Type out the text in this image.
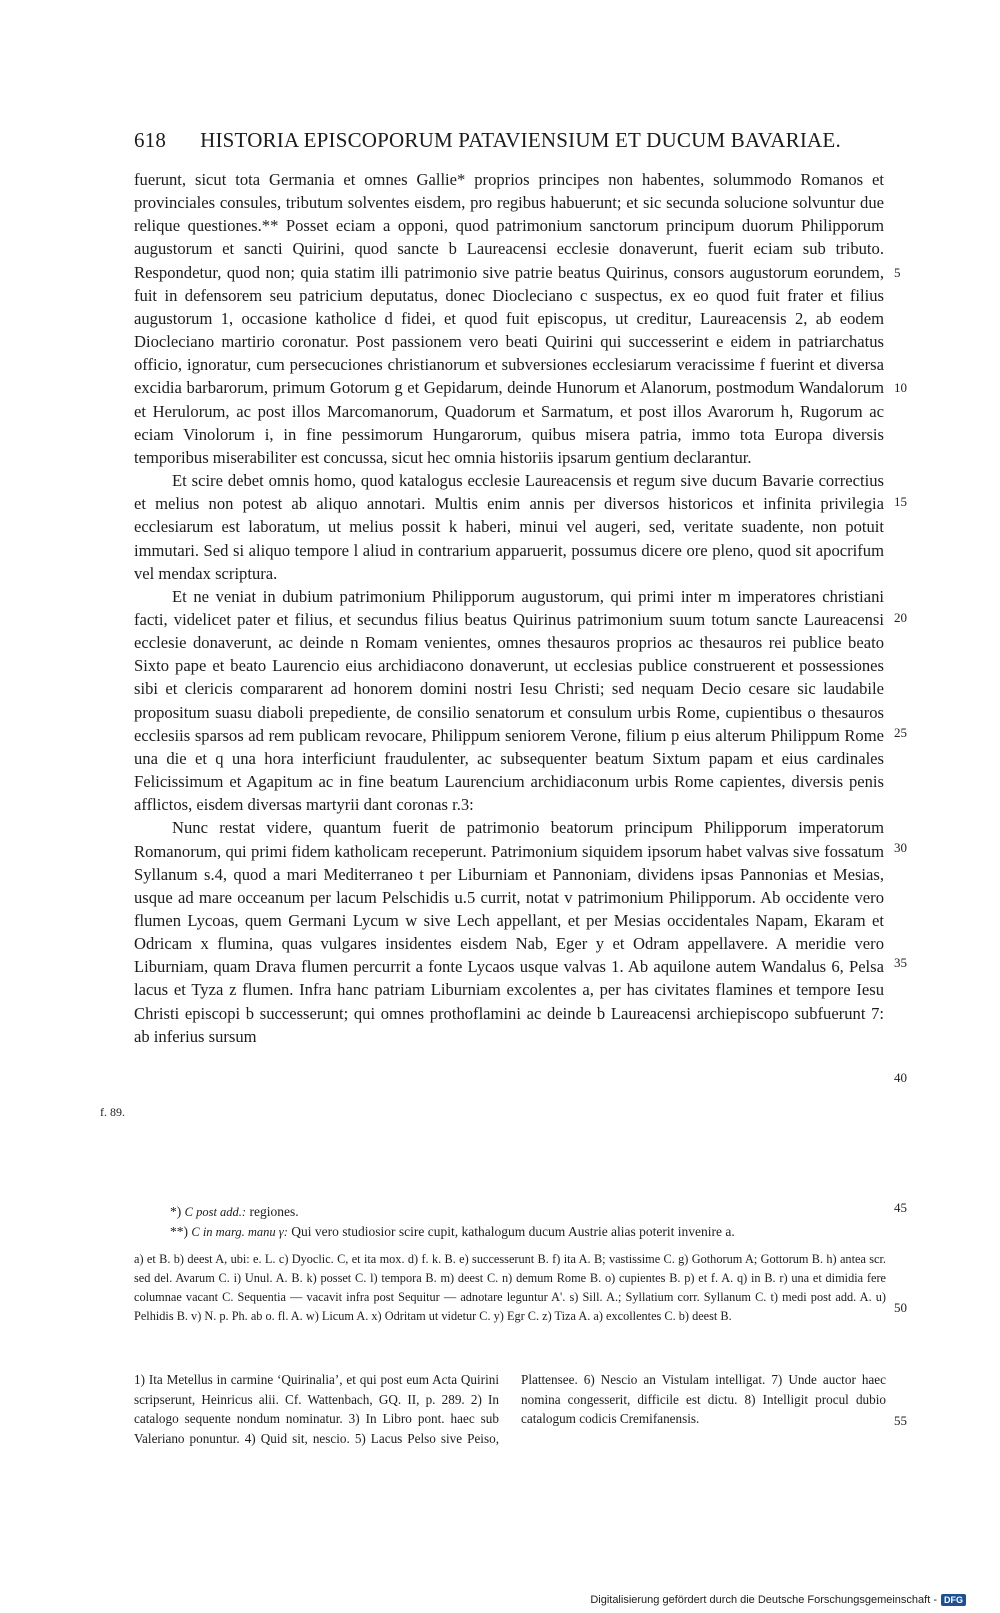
618 HISTORIA EPISCOPORUM PATAVIENSIUM ET DUCUM BAVARIAE.

fuerunt, sicut tota Germania et omnes Gallie* proprios principes non habentes, solummodo Romanos et provinciales consules, tributum solventes eisdem, pro regibus habuerunt; et sic secunda solucione solvuntur due relique questiones.** Posset eciam a opponi, quod patrimonium sanctorum principum duorum Philipporum augustorum et sancti Quirini, quod sancte b Laureacensi ecclesie donaverunt, fuerit eciam sub tributo. Respondetur, quod non; quia statim illi patrimonio sive patrie beatus Quirinus, consors augustorum eorundem, fuit in defensorem seu patricium deputatus, donec Diocleciano c suspectus, ex eo quod fuit frater et filius augustorum 1, occasione katholice d fidei, et quod fuit episcopus, ut creditur, Laureacensis 2, ab eodem Diocleciano martirio coronatur. Post passionem vero beati Quirini qui successerint e eidem in patriarchatus officio, ignoratur, cum persecuciones christianorum et subversiones ecclesiarum veracissime f fuerint et diversa excidia barbarorum, primum Gotorum g et Gepidarum, deinde Hunorum et Alanorum, postmodum Wandalorum et Herulorum, ac post illos Marcomanorum, Quadorum et Sarmatum, et post illos Avarorum h, Rugorum ac eciam Vinolorum i, in fine pessimorum Hungarorum, quibus misera patria, immo tota Europa diversis temporibus miserabiliter est concussa, sicut hec omnia historiis ipsarum gentium declarantur.

Et scire debet omnis homo, quod katalogus ecclesie Laureacensis et regum sive ducum Bavarie correctius et melius non potest ab aliquo annotari. Multis enim annis per diversos historicos et infinita privilegia ecclesiarum est laboratum, ut melius possit k haberi, minui vel augeri, sed, veritate suadente, non potuit immutari. Sed si aliquo tempore l aliud in contrarium apparuerit, possumus dicere ore pleno, quod sit apocrifum vel mendax scriptura.

Et ne veniat in dubium patrimonium Philipporum augustorum, qui primi inter m imperatores christiani facti, videlicet pater et filius, et secundus filius beatus Quirinus patrimonium suum totum sancte Laureacensi ecclesie donaverunt, ac deinde n Romam venientes, omnes thesauros proprios ac thesauros rei publice beato Sixto pape et beato Laurencio eius archidiacono donaverunt, ut ecclesias publice construerent et possessiones sibi et clericis compararent ad honorem domini nostri Iesu Christi; sed nequam Decio cesare sic laudabile propositum suasu diaboli prepediente, de consilio senatorum et consulum urbis Rome, cupientibus o thesauros ecclesiis sparsos ad rem publicam revocare, Philippum seniorem Verone, filium p eius alterum Philippum Rome una die et q una hora interficiunt fraudulenter, ac subsequenter beatum Sixtum papam et eius cardinales Felicissimum et Agapitum ac in fine beatum Laurencium archidiaconum urbis Rome capientes, diversis penis afflictos, eisdem diversas martyrii dant coronas r.3:

Nunc restat videre, quantum fuerit de patrimonio beatorum principum Philipporum imperatorum Romanorum, qui primi fidem katholicam receperunt. Patrimonium siquidem ipsorum habet valvas sive fossatum Syllanum s.4, quod a mari Mediterraneo t per Liburniam et Pannoniam, dividens ipsas Pannonias et Mesias, usque ad mare occeanum per lacum Pelschidis u.5 currit, notat v patrimonium Philipporum. Ab occidente vero flumen Lycoas, quem Germani Lycum w sive Lech appellant, et per Mesias occidentales Napam, Ekaram et Odricam x flumina, quas vulgares insidentes eisdem Nab, Eger y et Odram appellavere. A meridie vero Liburniam, quam Drava flumen percurrit a fonte Lycaos usque valvas 1. Ab aquilone autem Wandalus 6, Pelsa lacus et Tyza z flumen. Infra hanc patriam Liburniam excolentes a, per has civitates flamines et tempore Iesu Christi episcopi b successerunt; qui omnes prothoflamini ac deinde b Laureacensi archiepiscopo subfuerunt 7: ab inferius sursum

f. 89.
5
10
15
20
25
30
35
40
45
50
55
*) C post add.: regiones.
**) C in marg. manu γ: Qui vero studiosior scire cupit, kathalogum ducum Austrie alias poterit invenire a.
a) et B. b) deest A, ubi: e. L. c) Dyoclic. C, et ita mox. d) f. k. B. e) successerunt B. f) ita A. B; vastissime C. g) Gothorum A; Gottorum B. h) antea scr. sed del. Avarum C. i) Unul. A. B. k) posset C. l) tempora B. m) deest C. n) demum Rome B. o) cupientes B. p) et f. A. q) in B. r) una et dimidia fere columnae vacant C. Sequentia — vacavit infra post Sequitur — adnotare leguntur A'. s) Sill. A.; Syllatium corr. Syllanum C. t) medi post add. A. u) Pelhidis B. v) N. p. Ph. ab o. fl. A. w) Licum A. x) Odritam ut videtur C. y) Egr C. z) Tiza A. a) excollentes C. b) deest B.
1) Ita Metellus in carmine ‘Quirinalia’, et qui post eum Acta Quirini scripserunt, Heinricus alii. Cf. Wattenbach, GQ. II, p. 289. 2) In catalogo sequente nondum nominatur. 3) In Libro pont. haec sub Valeriano ponuntur. 4) Quid sit, nescio. 5) Lacus Pelso sive Peiso, Plattensee. 6) Nescio an Vistulam intelligat. 7) Unde auctor haec nomina congesserit, difficile est dictu. 8) Intelligit procul dubio catalogum codicis Cremifanensis.
Digitalisierung gefördert durch die Deutsche Forschungsgemeinschaft - DFG
